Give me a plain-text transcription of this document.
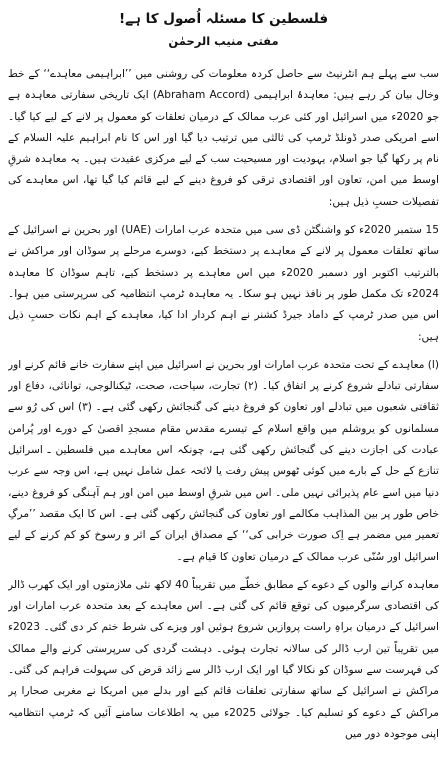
فلسطین کا مسئلہ اُصول کا ہے!
مفتی منیب الرحمٰن

سب سے پہلے ہم انٹرنیٹ سے حاصل کردہ معلومات کی روشنی میں ’’ابراہیمی معاہدے‘‘ کے خط وخال بیان کر رہے ہیں: معاہدۂ ابراہیمی (Abraham Accord) ایک تاریخی سفارتی معاہدہ ہے جو 2020ء میں اسرائیل اور کئی عرب ممالک کے درمیان تعلقات کو معمول پر لانے کے لیے کیا گیا۔ اسے امریکی صدر ڈونلڈ ٹرمپ کی ثالثی میں ترتیب دیا گیا اور اس کا نام ابراہیم علیہ السلام کے نام پر رکھا گیا جو اسلام، یہودیت اور مسیحیت سب کے لیے مرکزی عقیدت ہیں۔ یہ معاہدہ شرقِ اوسط میں امن، تعاون اور اقتصادی ترقی کو فروغ دینے کے لیے قائم کیا گیا تھا، اس معاہدے کی تفصیلات حسبِ ذیل ہیں:

15 ستمبر 2020ء کو واشنگٹن ڈی سی میں متحدہ عرب امارات (UAE) اور بحرین نے اسرائیل کے ساتھ تعلقات معمول پر لانے کے معاہدے پر دستخط کیے، دوسرے مرحلے پر سوڈان اور مراکش نے بالترتیب اکتوبر اور دسمبر 2020ء میں اس معاہدے پر دستخط کیے، تاہم سوڈان کا معاہدہ 2024ء تک مکمل طور پر نافذ نہیں ہو سکا۔ یہ معاہدہ ٹرمپ انتظامیہ کی سرپرستی میں ہوا۔ اس میں صدر ٹرمپ کے داماد جیرڈ کشنر نے اہم کردار ادا کیا، معاہدے کے اہم نکات حسبِ ذیل ہیں:

(ا) معاہدے کے تحت متحدہ عرب امارات اور بحرین نے اسرائیل میں اپنے سفارت خانے قائم کرنے اور سفارتی تبادلے شروع کرنے پر اتفاق کیا۔ (۲) تجارت، سیاحت، صحت، ٹیکنالوجی، توانائی، دفاع اور ثقافتی شعبوں میں تبادلے اور تعاون کو فروغ دینے کی گنجائش رکھی گئی ہے۔ (۳) اس کی رُو سے مسلمانوں کو یروشلم میں واقع اسلام کے تیسرے مقدس مقام مسجدِ اقصیٰ کے دورے اور پُرامن عبادت کی اجازت دینے کی گنجائش رکھی گئی ہے، چونکہ اس معاہدے میں فلسطین ـ اسرائیل تنازع کے حل کے بارے میں کوئی ٹھوس پیش رفت یا لائحہ عمل شامل نہیں ہے، اس وجہ سے عرب دنیا میں اسے عام پذیرائی نہیں ملی۔ اس میں شرقِ اوسط میں امن اور ہم آہنگی کو فروغ دینے، خاص طور پر بین المذاہب مکالمے اور تعاون کی گنجائش رکھی گئی ہے۔ اس کا ایک مقصد ’’مرگِ تعمیر میں مضمر ہے اِک صورت خرابی کی‘‘ کے مصداق ایران کے اثر و رسوخ کو کم کرنے کے لیے اسرائیل اور سُنّی عرب ممالک کے درمیان تعاون کا قیام ہے۔

معاہدہ کرانے والوں کے دعوے کے مطابق خطّے میں تقریباً 40 لاکھ نئی ملازمتوں اور ایک کھرب ڈالر کی اقتصادی سرگرمیوں کی توقع قائم کی گئی ہے۔ اس معاہدے کے بعد متحدہ عرب امارات اور اسرائیل کے درمیان براہِ راست پروازیں شروع ہوئیں اور ویزے کی شرط ختم کر دی گئی۔ 2023ء میں تقریباً تین ارب ڈالر کی سالانہ تجارت ہوئی۔ دہشت گردی کی سرپرستی کرنے والے ممالک کی فہرست سے سوڈان کو نکالا گیا اور ایک ارب ڈالر سے زائد قرض کی سہولت فراہم کی گئی۔ مراکش نے اسرائیل کے ساتھ سفارتی تعلقات قائم کیے اور بدلے میں امریکا نے مغربی صحارا پر مراکش کے دعوے کو تسلیم کیا۔ جولائی 2025ء میں یہ اطلاعات سامنے آئیں کہ ٹرمپ انتظامیہ اپنی موجودہ دور میں
